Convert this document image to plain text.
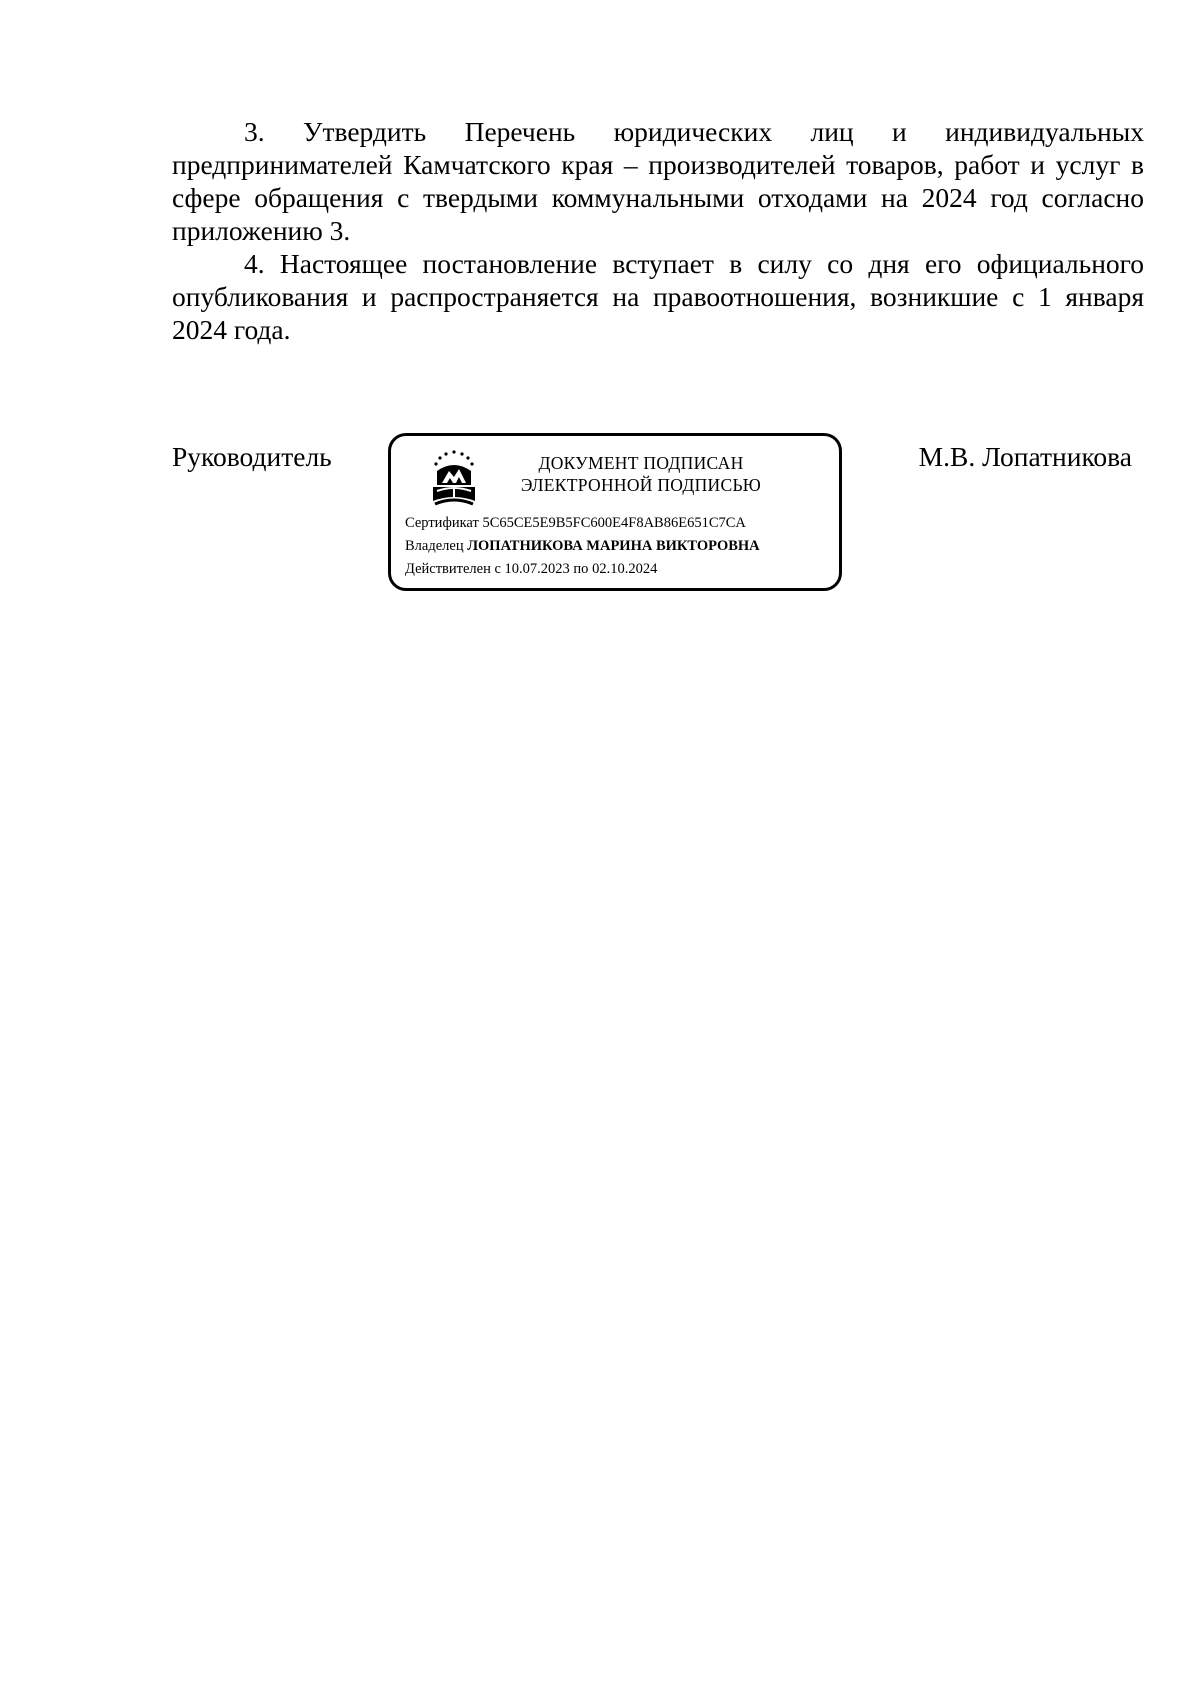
3. Утвердить Перечень юридических лиц и индивидуальных предпринимателей Камчатского края – производителей товаров, работ и услуг в сфере обращения с твердыми коммунальными отходами на 2024 год согласно приложению 3.

4. Настоящее постановление вступает в силу со дня его официального опубликования и распространяется на правоотношения, возникшие с 1 января 2024 года.

Руководитель	ДОКУМЕНТ ПОДПИСАН
ЭЛЕКТРОННОЙ ПОДПИСЬЮ
Сертификат 5C65CE5E9B5FC600E4F8AB86E651C7CA
Владелец ЛОПАТНИКОВА МАРИНА ВИКТОРОВНА
Действителен с 10.07.2023 по 02.10.2024
М.В. Лопатникова
